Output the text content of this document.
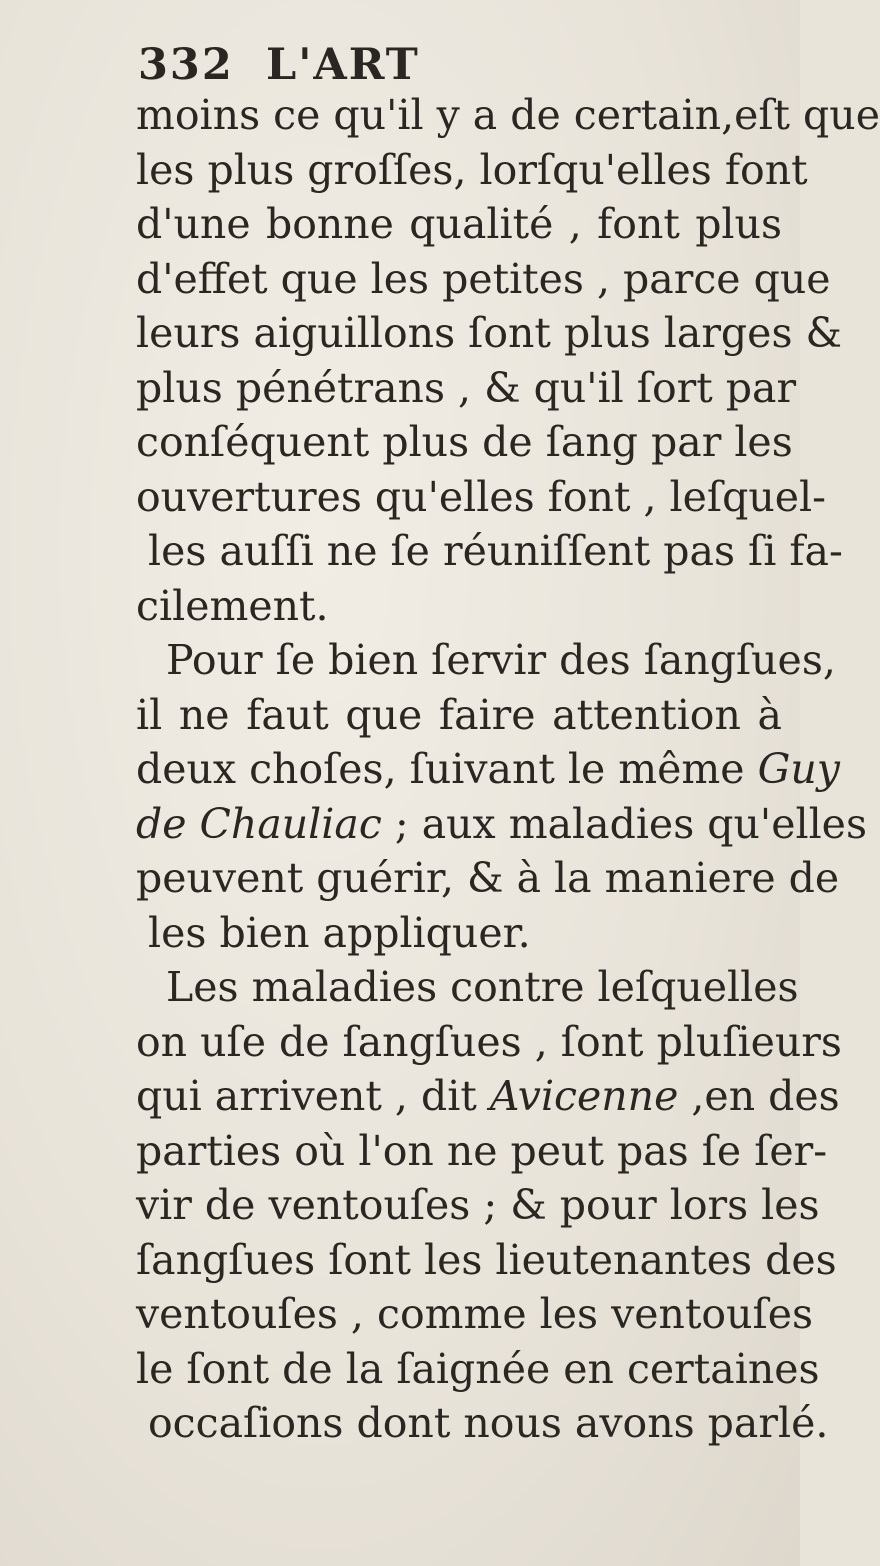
332 L'ART
moins ce qu'il y a de certain,eſt que
les plus groſſes, lorſqu'elles font
d'une bonne qualité , font plus
d'effet que les petites , parce que
leurs aiguillons ſont plus larges &
plus pénétrans , & qu'il ſort par
conſéquent plus de ſang par les
ouvertures qu'elles font , leſquel-
les auſſi ne ſe réuniſſent pas ſi fa-
cilement.
Pour ſe bien ſervir des ſangſues,
il ne faut que faire attention à
deux choſes, ſuivant le même Guy
de Chauliac ; aux maladies qu'elles
peuvent guérir, & à la maniere de
les bien appliquer.
Les maladies contre leſquelles
on uſe de ſangſues , ſont pluſieurs
qui arrivent , dit Avicenne ,en des
parties où l'on ne peut pas ſe ſer-
vir de ventouſes ; & pour lors les
ſangſues ſont les lieutenantes des
ventouſes , comme les ventouſes
le ſont de la ſaignée en certaines
occaſions dont nous avons parlé.
